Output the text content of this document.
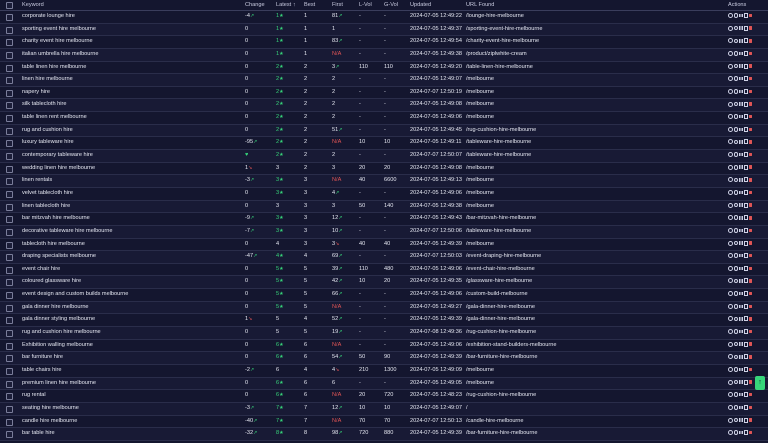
Keyword	Change	Latest ↑	Best	First	L-Vol	G-Vol	Updated	URL Found	Actions
corporate lounge hire	-4↗	1★	1	81↗	-	-	2024-07-05 12:49:22 /lounge-hire-melbourne
sporting event hire melbourne	0	1★	1	1	-	-	2024-07-05 12:49:37 /sporting-event-hire-melbourne
charity event hire melbourne	0	1★	1	83↗	-	-	2024-07-05 12:49:54 /charity-event-hire-melbourne
italian umbrella hire melbourne	0	1★	1	N/A	-	-	2024-07-05 12:49:38 /product/ziplwhite-cream
table linen hire melbourne	0	2★	2	3↗	110	110	2024-07-05 12:49:20 /table-linen-hire-melbourne
linen hire melbourne	0	2★	2	2	-	-	2024-07-05 12:49:07 /melbourne
napery hire	0	2★	2	2	-	-	2024-07-07 12:50:19 /melbourne
silk tablecloth hire	0	2★	2	2	-	-	2024-07-05 12:49:08 /melbourne
table linen rent melbourne	0	2★	2	2	-	-	2024-07-05 12:49:06 /melbourne
rug and cushion hire	0	2★	2	51↗	-	-	2024-07-05 12:49:45 /rug-cushion-hire-melbourne
luxury tableware hire	-95↗	2★	2	N/A	10	10	2024-07-05 12:49:11 /tableware-hire-melbourne
contemporary tableware hire	♥	2★	2	2	-	-	2024-07-07 12:50:07 /tableware-hire-melbourne
wedding linen hire melbourne	1↘	3	2	3	20	20	2024-07-05 12:49:08 /melbourne
linen rentals	-3↗	3★	3	N/A	40	6600	2024-07-05 12:49:13 /melbourne
velvet tablecloth hire	0	3★	3	4↗	-	-	2024-07-05 12:49:06 /melbourne
linen tablecloth hire	0	3	3	3	50	140	2024-07-05 12:49:38 /melbourne
bar mitzvah hire melbourne	-9↗	3★	3	12↗	-	-	2024-07-05 12:49:43 /bar-mitzvah-hire-melbourne
decorative tableware hire melbourne	-7↗	3★	3	10↗	-	-	2024-07-07 12:50:06 /tableware-hire-melbourne
tablecloth hire melbourne	0	4	3	3↘	40	40	2024-07-05 12:49:39 /melbourne
draping specialists melbourne	-47↗	4★	4	69↗	-	-	2024-07-07 12:50:03 /event-draping-hire-melbourne
event chair hire	0	5★	5	39↗	110	480	2024-07-05 12:49:06 /event-chair-hire-melbourne
coloured glassware hire	0	5★	5	42↗	10	20	2024-07-05 12:49:35 /glassware-hire-melbourne
event design and custom builds melbourne	0	5★	5	66↗	-	-	2024-07-05 12:49:06 /custom-build-melbourne
gala dinner hire melbourne	0	5★	5	N/A	-	-	2024-07-05 12:49:27 /gala-dinner-hire-melbourne
gala dinner styling melbourne	1↘	5	4	52↗	-	-	2024-07-05 12:49:39 /gala-dinner-hire-melbourne
rug and cushion hire melbourne	0	5	5	19↗	-	-	2024-07-08 12:49:36 /rug-cushion-hire-melbourne
Exhibition walling melbourne	0	6★	6	N/A	-	-	2024-07-05 12:49:06 /exhibition-stand-builders-melbourne
bar furniture hire	0	6★	6	54↗	50	90	2024-07-05 12:49:39 /bar-furniture-hire-melbourne
table chairs hire	-2↗	6	4	4↘	210	1300	2024-07-05 12:49:09 /melbourne
premium linen hire melbourne	0	6★	6	6	-	-	2024-07-05 12:49:05 /melbourne
rug rental	0	6★	6	N/A	20	720	2024-07-05 12:48:23 /rug-cushion-hire-melbourne
seating hire melbourne	-3↗	7★	7	12↗	10	10	2024-07-05 12:49:07 /
candle hire melbourne	-40↗	7★	7	N/A	70	70	2024-07-07 12:50:13 /candle-hire-melbourne
bar table hire	-32↗	8★	8	98↗	720	880	2024-07-05 12:49:39 /bar-furniture-hire-melbourne
↑
